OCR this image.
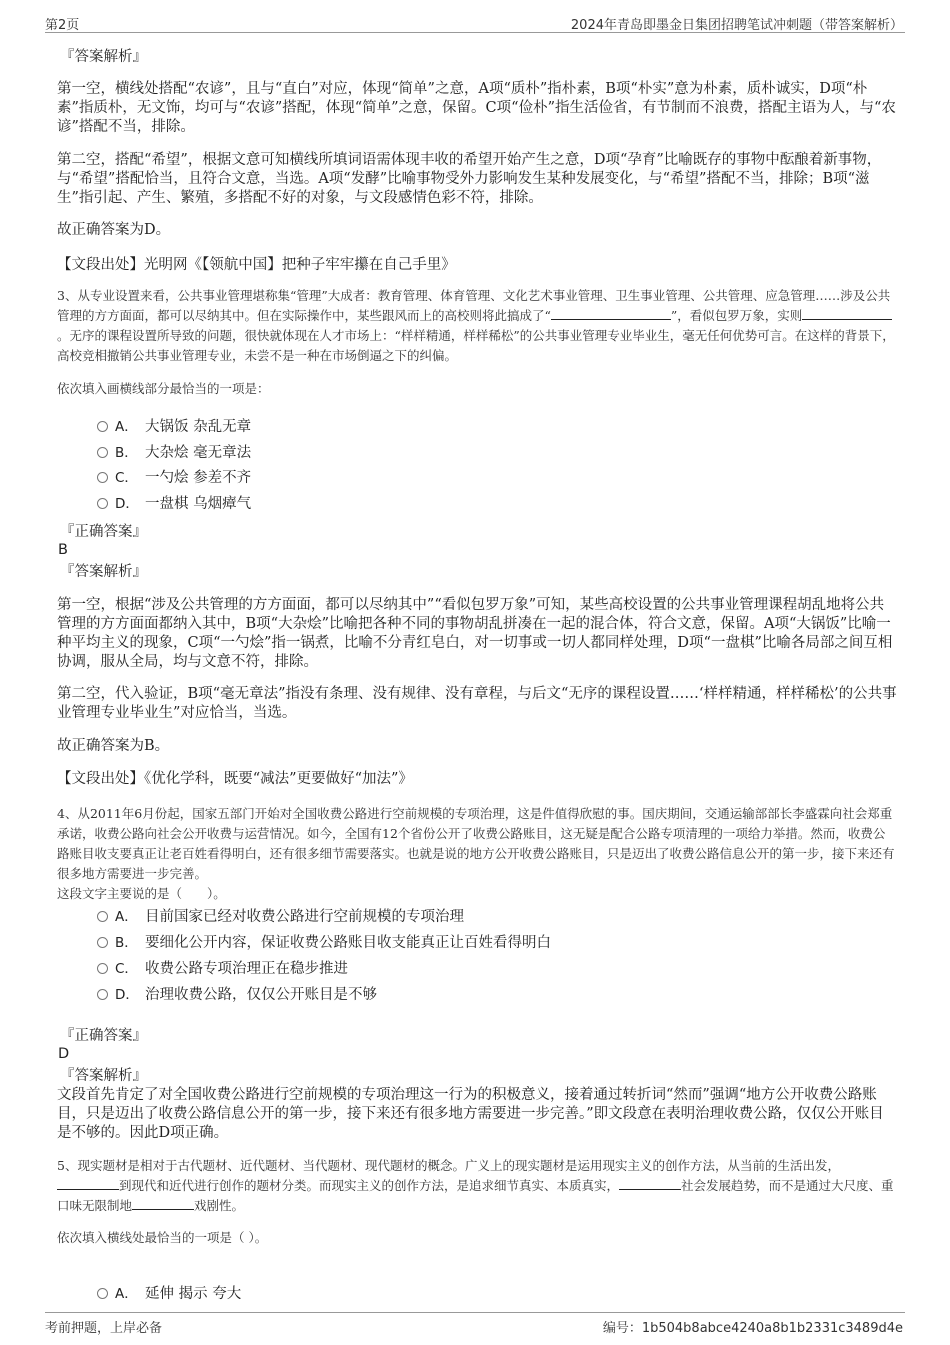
第2页	2024年青岛即墨金日集团招聘笔试冲刺题（带答案解析）
『答案解析』
第一空，横线处搭配“农谚”，且与“直白”对应，体现“简单”之意，A项“质朴”指朴素，B项“朴实”意为朴素，质朴诚实，D项“朴素”指质朴，无文饰，均可与“农谚”搭配，体现“简单”之意，保留。C项“俭朴”指生活俭省，有节制而不浪费，搭配主语为人，与“农谚”搭配不当，排除。
第二空，搭配“希望”，根据文意可知横线所填词语需体现丰收的希望开始产生之意，D项“孕育”比喻既存的事物中酝酿着新事物，与“希望”搭配恰当，且符合文意，当选。A项“发酵”比喻事物受外力影响发生某种发展变化，与“希望”搭配不当，排除；B项“滋生”指引起、产生、繁殖，多搭配不好的对象，与文段感情色彩不符，排除。
故正确答案为D。
【文段出处】光明网《【领航中国】把种子牢牢攥在自己手里》
3、从专业设置来看，公共事业管理堪称集“管理”大成者：教育管理、体育管理、文化艺术事业管理、卫生事业管理、公共管理、应急管理……涉及公共管理的方方面面，都可以尽纳其中。但在实际操作中，某些跟风而上的高校则将此搞成了“	”，看似包罗万象，实则。无序的课程设置所导致的问题，很快就体现在人才市场上：“样样精通，样样稀松”的公共事业管理专业毕业生，毫无任何优势可言。在这样的背景下，高校竞相撤销公共事业管理专业，未尝不是一种在市场倒逼之下的纠偏。
依次填入画横线部分最恰当的一项是：
A． 大锅饭 杂乱无章
B． 大杂烩 毫无章法
C． 一勺烩 参差不齐
D． 一盘棋 乌烟瘴气
『正确答案』
B
『答案解析』
第一空，根据“涉及公共管理的方方面面，都可以尽纳其中”“看似包罗万象”可知，某些高校设置的公共事业管理课程胡乱地将公共管理的方方面面都纳入其中，B项“大杂烩”比喻把各种不同的事物胡乱拼凑在一起的混合体，符合文意，保留。A项“大锅饭”比喻一种平均主义的现象，C项“一勺烩”指一锅煮，比喻不分青红皂白，对一切事或一切人都同样处理，D项“一盘棋”比喻各局部之间互相协调，服从全局，均与文意不符，排除。
第二空，代入验证，B项“毫无章法”指没有条理、没有规律、没有章程，与后文“无序的课程设置……‘样样精通，样样稀松’的公共事业管理专业毕业生”对应恰当，当选。
故正确答案为B。
【文段出处】《优化学科，既要“减法”更要做好“加法”》
4、从2011年6月份起，国家五部门开始对全国收费公路进行空前规模的专项治理，这是件值得欣慰的事。国庆期间，交通运输部部长李盛霖向社会郑重承诺，收费公路向社会公开收费与运营情况。如今，全国有12个省份公开了收费公路账目，这无疑是配合公路专项清理的一项给力举措。然而，收费公路账目收支要真正让老百姓看得明白，还有很多细节需要落实。也就是说的地方公开收费公路账目，只是迈出了收费公路信息公开的第一步，接下来还有很多地方需要进一步完善。
这段文字主要说的是（　　）。
A． 目前国家已经对收费公路进行空前规模的专项治理
B． 要细化公开内容，保证收费公路账目收支能真正让百姓看得明白
C． 收费公路专项治理正在稳步推进
D． 治理收费公路，仅仅公开账目是不够
『正确答案』
D
『答案解析』
文段首先肯定了对全国收费公路进行空前规模的专项治理这一行为的积极意义，接着通过转折词“然而”强调“地方公开收费公路账目，只是迈出了收费公路信息公开的第一步，接下来还有很多地方需要进一步完善。”即文段意在表明治理收费公路，仅仅公开账目是不够的。因此D项正确。
5、现实题材是相对于古代题材、近代题材、当代题材、现代题材的概念。广义上的现实题材是运用现实主义的创作方法，从当前的生活出发，到现代和近代进行创作的题材分类。而现实主义的创作方法，是追求细节真实、本质真实，	社会发展趋势，而不是通过大尺度、重口味无限制地	戏剧性。
依次填入横线处最恰当的一项是（ ）。
A． 延伸 揭示 夸大
考前押题，上岸必备	编号：1b504b8abce4240a8b1b2331c3489d4e
